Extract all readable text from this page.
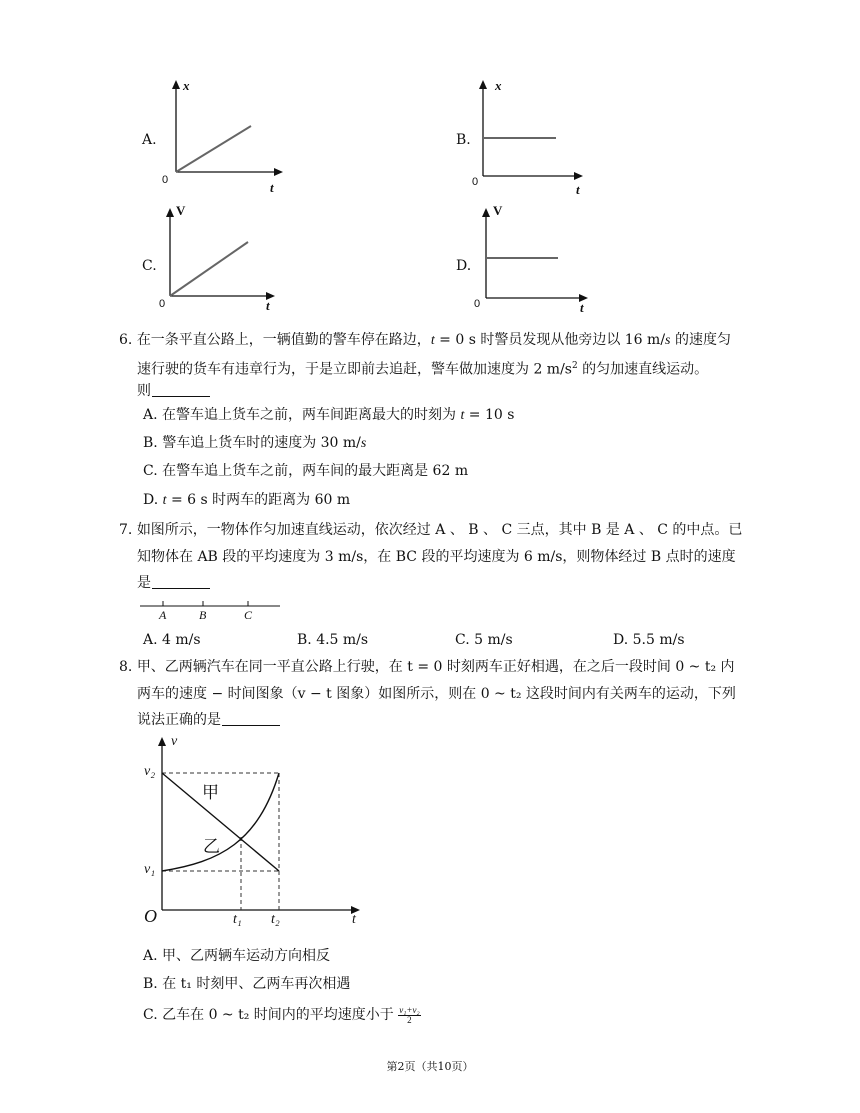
A.
x
t
0
B.
x
t
0
C.
V
t
0
D.
V
t
0
6. 在一条平直公路上，一辆值勤的警车停在路边，t = 0 s 时警员发现从他旁边以 16 m/s 的速度匀
速行驶的货车有违章行为，于是立即前去追赶，警车做加速度为 2 $m/s^2$ 的匀加速直线运动。
则
A. 在警车追上货车之前，两车间距离最大的时刻为 t = 10 s
B. 警车追上货车时的速度为 30 m/s
C. 在警车追上货车之前，两车间的最大距离是 62 m
D. t = 6 s 时两车的距离为 60 m
7. 如图所示，一物体作匀加速直线运动，依次经过 A 、 B 、 C 三点，其中 B 是 A 、 C 的中点。已
知物体在 AB 段的平均速度为 3 m/s，在 BC 段的平均速度为 6 m/s，则物体经过 B 点时的速度
是
A	B	C
A. 4 m/s	B. 4.5 m/s	C. 5 m/s	D. 5.5 m/s
8. 甲、乙两辆汽车在同一平直公路上行驶，在 t = 0 时刻两车正好相遇，在之后一段时间 0 ~ t₂ 内
两车的速度 − 时间图象（v − t 图象）如图所示，则在 0 ~ t₂ 这段时间内有关两车的运动，下列
说法正确的是
v
t
O
v₂
v₁
t₁ t₂
甲
乙
A. 甲、乙两辆车运动方向相反
B. 在 t₁ 时刻甲、乙两车再次相遇
C. 乙车在 0 ~ t₂ 时间内的平均速度小于 $\frac{\text{v₁+v₂}}{2}$
第2页（共10页）
